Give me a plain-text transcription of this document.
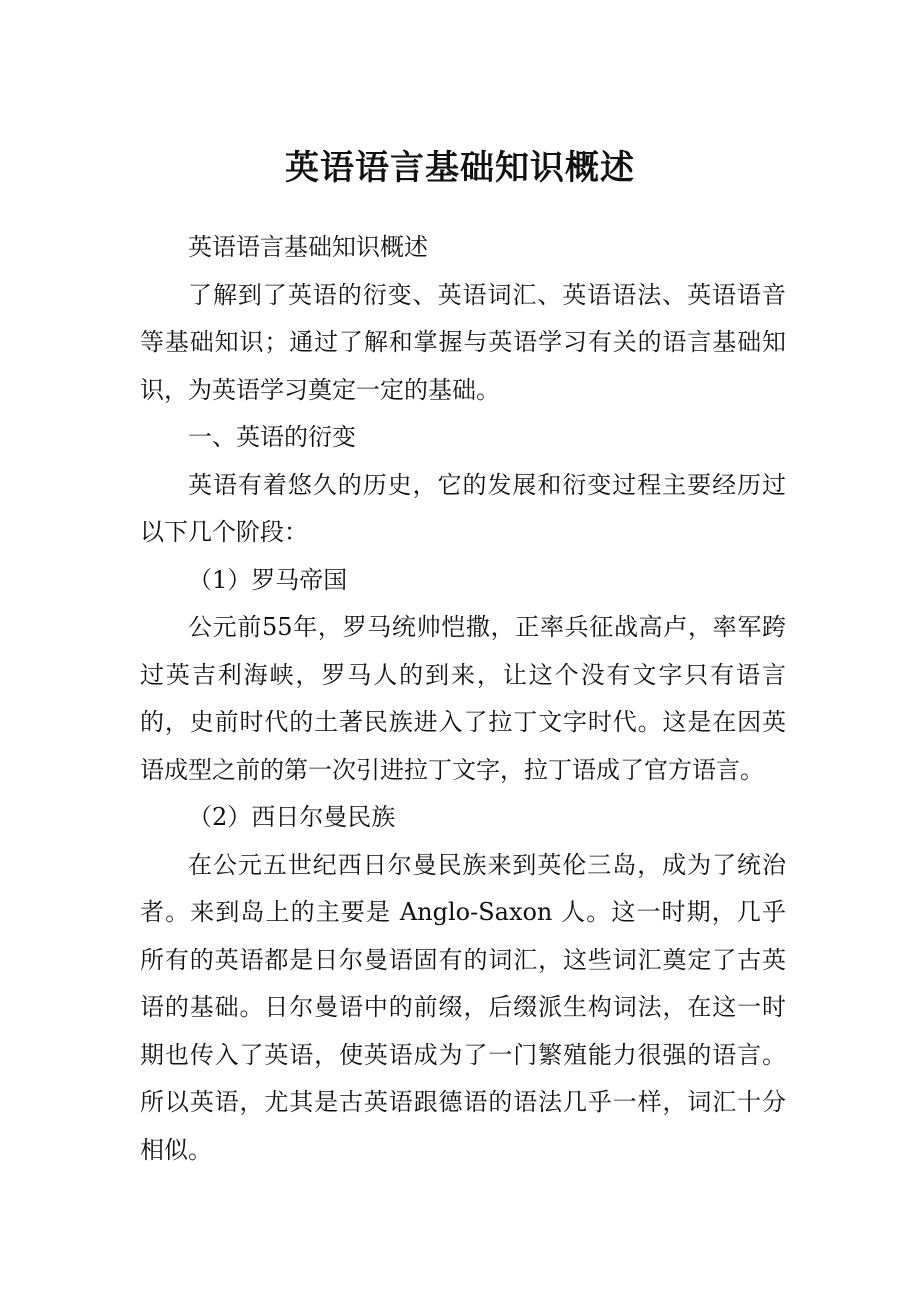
英语语言基础知识概述

英语语言基础知识概述

了解到了英语的衍变、英语词汇、英语语法、英语语音等基础知识；通过了解和掌握与英语学习有关的语言基础知识，为英语学习奠定一定的基础。

一、英语的衍变

英语有着悠久的历史，它的发展和衍变过程主要经历过以下几个阶段：

（1）罗马帝国

公元前55年，罗马统帅恺撒，正率兵征战高卢，率军跨过英吉利海峡，罗马人的到来，让这个没有文字只有语言的，史前时代的土著民族进入了拉丁文字时代。这是在因英语成型之前的第一次引进拉丁文字，拉丁语成了官方语言。

（2）西日尔曼民族

在公元五世纪西日尔曼民族来到英伦三岛，成为了统治者。来到岛上的主要是 Anglo-Saxon 人。这一时期，几乎所有的英语都是日尔曼语固有的词汇，这些词汇奠定了古英语的基础。日尔曼语中的前缀，后缀派生构词法，在这一时期也传入了英语，使英语成为了一门繁殖能力很强的语言。所以英语，尤其是古英语跟德语的语法几乎一样，词汇十分相似。
